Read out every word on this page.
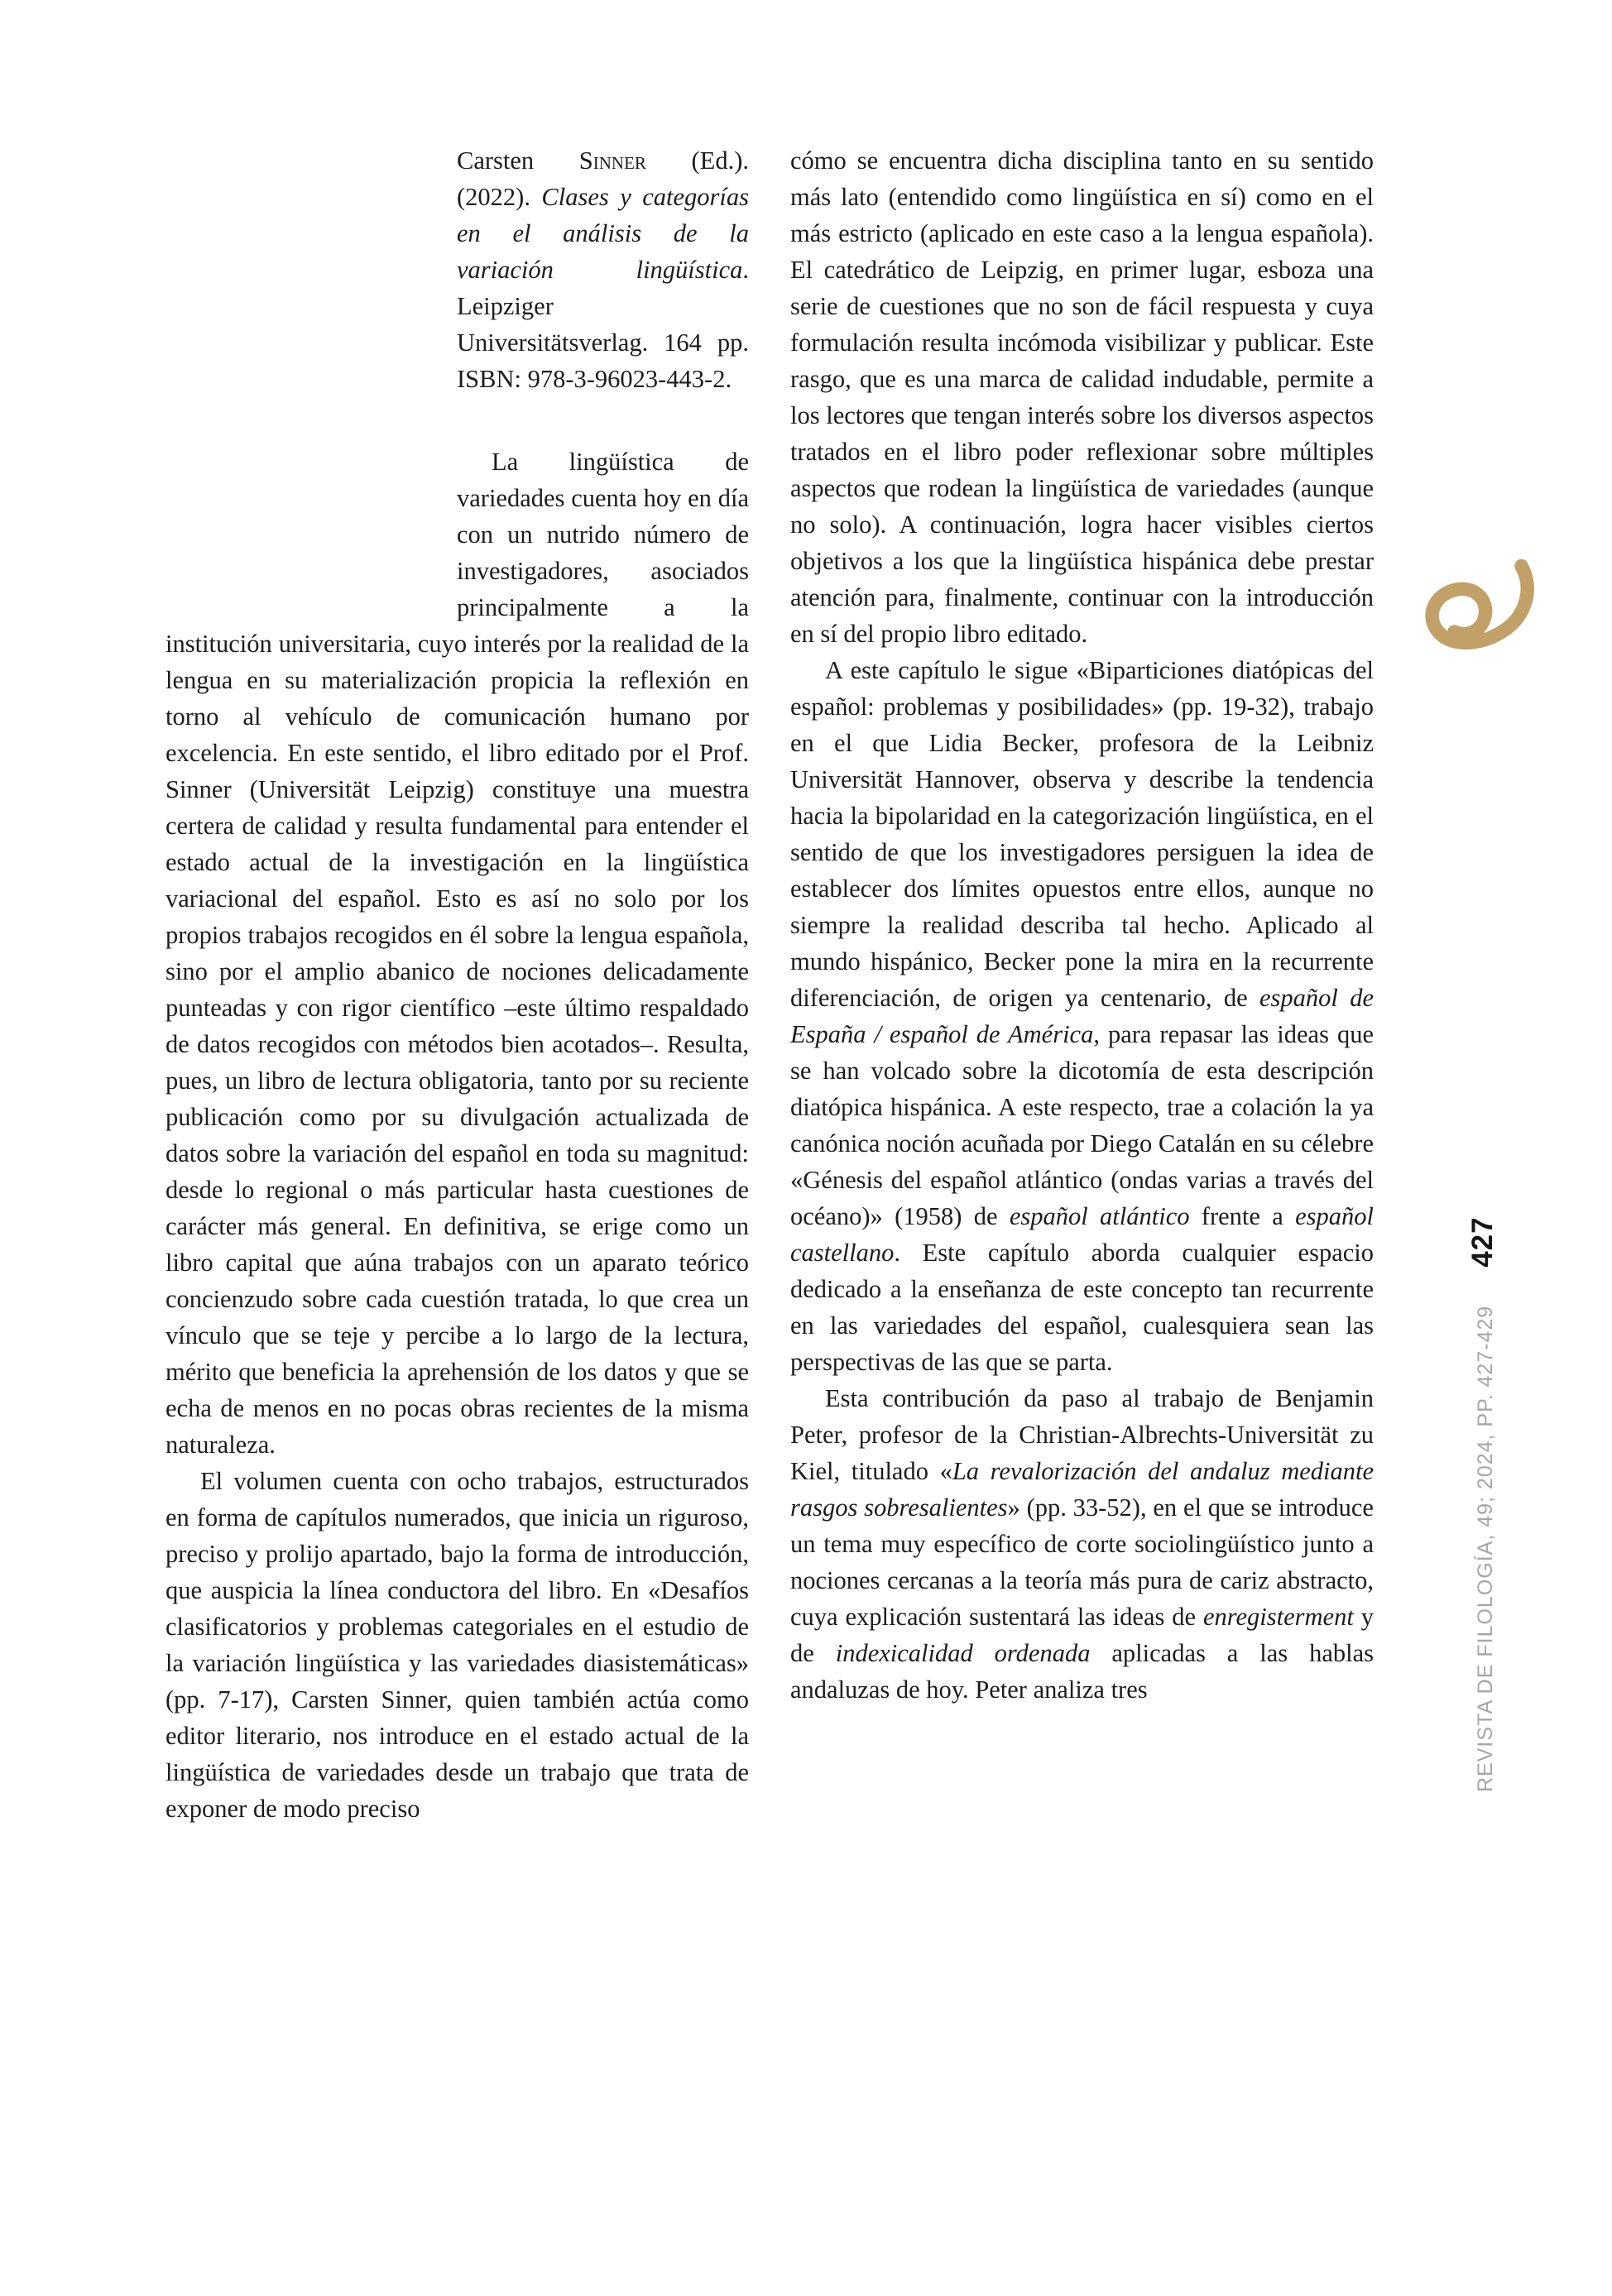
Carsten Sinner (Ed.). (2022). Clases y categorías en el análisis de la variación lingüística. Leipziger Universitätsverlag. 164 pp. ISBN: 978-3-96023-443-2.

La lingüística de variedades cuenta hoy en día con un nutrido número de investigadores, asociados principalmente a la institución universitaria, cuyo interés por la realidad de la lengua en su materialización propicia la reflexión en torno al vehículo de comunicación humano por excelencia. En este sentido, el libro editado por el Prof. Sinner (Universität Leipzig) constituye una muestra certera de calidad y resulta fundamental para entender el estado actual de la investigación en la lingüística variacional del español. Esto es así no solo por los propios trabajos recogidos en él sobre la lengua española, sino por el amplio abanico de nociones delicadamente punteadas y con rigor científico –este último respaldado de datos recogidos con métodos bien acotados–. Resulta, pues, un libro de lectura obligatoria, tanto por su reciente publicación como por su divulgación actualizada de datos sobre la variación del español en toda su magnitud: desde lo regional o más particular hasta cuestiones de carácter más general. En definitiva, se erige como un libro capital que aúna trabajos con un aparato teórico concienzudo sobre cada cuestión tratada, lo que crea un vínculo que se teje y percibe a lo largo de la lectura, mérito que beneficia la aprehensión de los datos y que se echa de menos en no pocas obras recientes de la misma naturaleza.

El volumen cuenta con ocho trabajos, estructurados en forma de capítulos numerados, que inicia un riguroso, preciso y prolijo apartado, bajo la forma de introducción, que auspicia la línea conductora del libro. En «Desafíos clasificatorios y problemas categoriales en el estudio de la variación lingüística y las variedades diasistemáticas» (pp. 7-17), Carsten Sinner, quien también actúa como editor literario, nos introduce en el estado actual de la lingüística de variedades desde un trabajo que trata de exponer de modo preciso

cómo se encuentra dicha disciplina tanto en su sentido más lato (entendido como lingüística en sí) como en el más estricto (aplicado en este caso a la lengua española). El catedrático de Leipzig, en primer lugar, esboza una serie de cuestiones que no son de fácil respuesta y cuya formulación resulta incómoda visibilizar y publicar. Este rasgo, que es una marca de calidad indudable, permite a los lectores que tengan interés sobre los diversos aspectos tratados en el libro poder reflexionar sobre múltiples aspectos que rodean la lingüística de variedades (aunque no solo). A continuación, logra hacer visibles ciertos objetivos a los que la lingüística hispánica debe prestar atención para, finalmente, continuar con la introducción en sí del propio libro editado.

A este capítulo le sigue «Biparticiones diatópicas del español: problemas y posibilidades» (pp. 19-32), trabajo en el que Lidia Becker, profesora de la Leibniz Universität Hannover, observa y describe la tendencia hacia la bipolaridad en la categorización lingüística, en el sentido de que los investigadores persiguen la idea de establecer dos límites opuestos entre ellos, aunque no siempre la realidad describa tal hecho. Aplicado al mundo hispánico, Becker pone la mira en la recurrente diferenciación, de origen ya centenario, de español de España / español de América, para repasar las ideas que se han volcado sobre la dicotomía de esta descripción diatópica hispánica. A este respecto, trae a colación la ya canónica noción acuñada por Diego Catalán en su célebre «Génesis del español atlántico (ondas varias a través del océano)» (1958) de español atlántico frente a español castellano. Este capítulo aborda cualquier espacio dedicado a la enseñanza de este concepto tan recurrente en las variedades del español, cualesquiera sean las perspectivas de las que se parta.

Esta contribución da paso al trabajo de Benjamin Peter, profesor de la Christian-Albrechts-Universität zu Kiel, titulado «La revalorización del andaluz mediante rasgos sobresalientes» (pp. 33-52), en el que se introduce un tema muy específico de corte sociolingüístico junto a nociones cercanas a la teoría más pura de cariz abstracto, cuya explicación sustentará las ideas de enregisterment y de indexicalidad ordenada aplicadas a las hablas andaluzas de hoy. Peter analiza tres	REVISTA DE FILOLOGÍA, 49; 2024, PP. 427-429427
